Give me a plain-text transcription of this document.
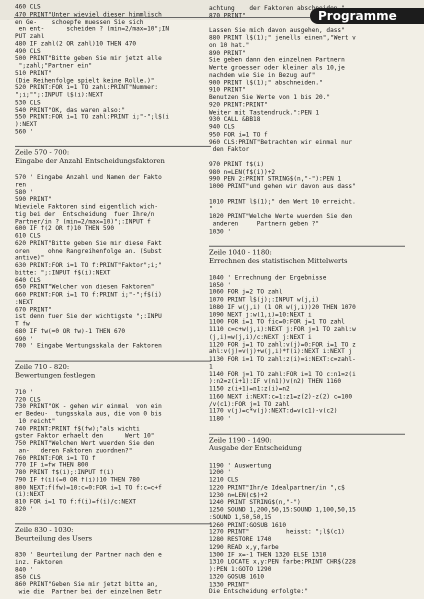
Programme
460 CLS
470 PRINT"Unter wieviel dieser himmlisch
en Ge-    schoepfe muessen Sie sich
en ent-      scheiden ? (min=2/max=10";IN
PUT zahl
480 IF zahl(2 OR zahl)10 THEN 470
490 CLS
500 PRINT"Bitte geben Sie mir jetzt alle
";zahl;"Partner ein"
510 PRINT"
(Die Reihenfolge spielt keine Rolle.)"
520 PRINT:FOR i=1 TO zahl:PRINT"Nummer:
";i;"";:INPUT l$(i):NEXT
530 CLS
540 PRINT"OK, das waren also:"
550 PRINT:FOR i=1 TO zahl:PRINT i;"-";l$(i
):NEXT
560 '
Zeile 570 - 700:
Eingabe der Anzahl Entscheidungsfaktoren
570 ' Eingabe Anzahl und Namen der Fakto
ren
580 '
590 PRINT"
Wieviele Faktoren sind eigentlich wich-
tig bei der  Entscheidung  fuer Ihre/n
Partner/in ? (min=2/max=10)";:INPUT f
600 IF f(2 OR f)10 THEN 590
610 CLS
620 PRINT"Bitte geben Sie mir diese Fakt
oren     ohne Rangreihenfolge an. (Subst
antive)"
630 PRINT:FOR i=1 TO f:PRINT"Faktor";i;"
bitte: ";:INPUT f$(i):NEXT
640 CLS
650 PRINT"Welcher von diesen Faktoren"
660 PRINT:FOR i=1 TO f:PRINT i;"-";f$(i)
:NEXT
670 PRINT"
ist denn fuer Sie der wichtigste ";:INPU
T fw
680 IF fw(=0 OR fw)-1 THEN 670
690 '
700 ' Eingabe Wertungsskala der Faktoren
Zeile 710 - 820:
Bewertungen festlegen
710 '
720 CLS
730 PRINT"OK - gehen wir einmal  von ein
er Bedeu-  tungsskala aus, die von 0 bis
10 reicht"
740 PRINT:PRINT f$(fw);"als wichti
gster Faktor erhaelt den      Wert 10"
750 PRINT"Welchen Wert wuerden Sie den
an-   deren Faktoren zuordnen?"
760 PRINT:FOR i=1 TO f
770 IF i=fw THEN 800
780 PRINT f$(i);:INPUT f(i)
790 IF f(i)(=0 OR f(i))10 THEN 780
800 NEXT:f(fw)=10:c=0:FOR i=1 TO f:c=c+f
(i):NEXT
810 FOR i=1 TO f:f(i)=f(i)/c:NEXT
820 '
Zeile 830 - 1030:
Beurteilung des Users
830 ' Beurteilung der Partner nach den e
inz. Faktoren
840 '
850 CLS
860 PRINT"Geben Sie mir jetzt bitte an,
wie die  Partner bei der einzelnen Betr
achtung    der Faktoren abschneiden."
870 PRINT"
Lassen Sie mich davon ausgehen, dass"
880 PRINT l$(1);" jenells einen","Wert v
on 10 hat."
890 PRINT"
Sie geben dann den einzelnen Partnern
Werte groesser oder kleiner als 10,je
nachdem wie Sie in Bezug auf"
900 PRINT l$(1);" abschneiden."
910 PRINT"
Benutzen Sie Werte von 1 bis 20."
920 PRINT:PRINT"
Weiter mit Tastendruck.":PEN 1
930 CALL &BB18
940 CLS
950 FOR i=1 TO f
960 CLS:PRINT"Betrachten wir einmal nur
den Faktor
970 PRINT f$(i)
980 n=LEN(f$(i))+2
990 PEN 2:PRINT STRING$(n,"-"):PEN 1
1000 PRINT"und gehen wir davon aus dass"
1010 PRINT l$(1);" den Wert 10 erreicht.
"
1020 PRINT"Welche Werte wuerden Sie den
anderen     Partnern geben ?"
1030 '
Zeile 1040 - 1180:
Errechnen des statistischen Mittelwerts
1040 ' Errechnung der Ergebnisse
1050 '
1060 FOR j=2 TO zahl
1070 PRINT l$(j);:INPUT w(j,i)
1080 IF w(j,i) (1 OR w(j,i))20 THEN 1070
1090 NEXT j:w(1,i)=10:NEXT i
1100 FOR i=1 TO fic=0:FOR j=1 TO zahl
1110 c=c+w(j,i):NEXT j:FOR j=1 TO zahl:w
(j,i)=w(j,i)/c:NEXT j:NEXT i
1120 FOR j=1 TO zahl:v(j)=0:FOR i=1 TO z
ahl:v(j)=v(j)+w(j,i)*f(i):NEXT i:NEXT j
1130 FOR i=1 TO zahl:z(i)=i:NEXT:c=zahl-
1
1140 FOR j=1 TO zahl:FOR i=1 TO c:n1=z(i
):n2=z(i+1):IF v(n1))v(n2) THEN 1160
1150 z(i+1)=n1:z(i)=n2
1160 NEXT i:NEXT:c=1:z1=z(2)-z(2) c=100
/v(c1):FOR j=1 TO zahl
1170 v(j)=c*v(j):NEXT:d=v(c1)-v(c2)
1180 '
Zeile 1190 - 1490:
Ausgabe der Entscheidung
1190 ' Auswertung
1200 '
1210 CLS
1220 PRINT"Ihr/e Idealpartner/in ",c$
1230 n=LEN(c$)+2
1240 PRINT STRING$(n,"-")
1250 SOUND 1,200,50,15:SOUND 1,100,50,15
:SOUND 1,50,50,15
1260 PRINT:GOSUB 1610
1270 PRINT"          heisst: ";l$(c1)
1280 RESTORE 1740
1290 READ x,y,farbe
1300 IF x=-1 THEN 1320 ELSE 1310
1310 LOCATE x,y:PEN farbe:PRINT CHR$(228
):PEN 1:GOTO 1290
1320 GOSUB 1610
1330 PRINT"
Die Entscheidung erfolgte:"
